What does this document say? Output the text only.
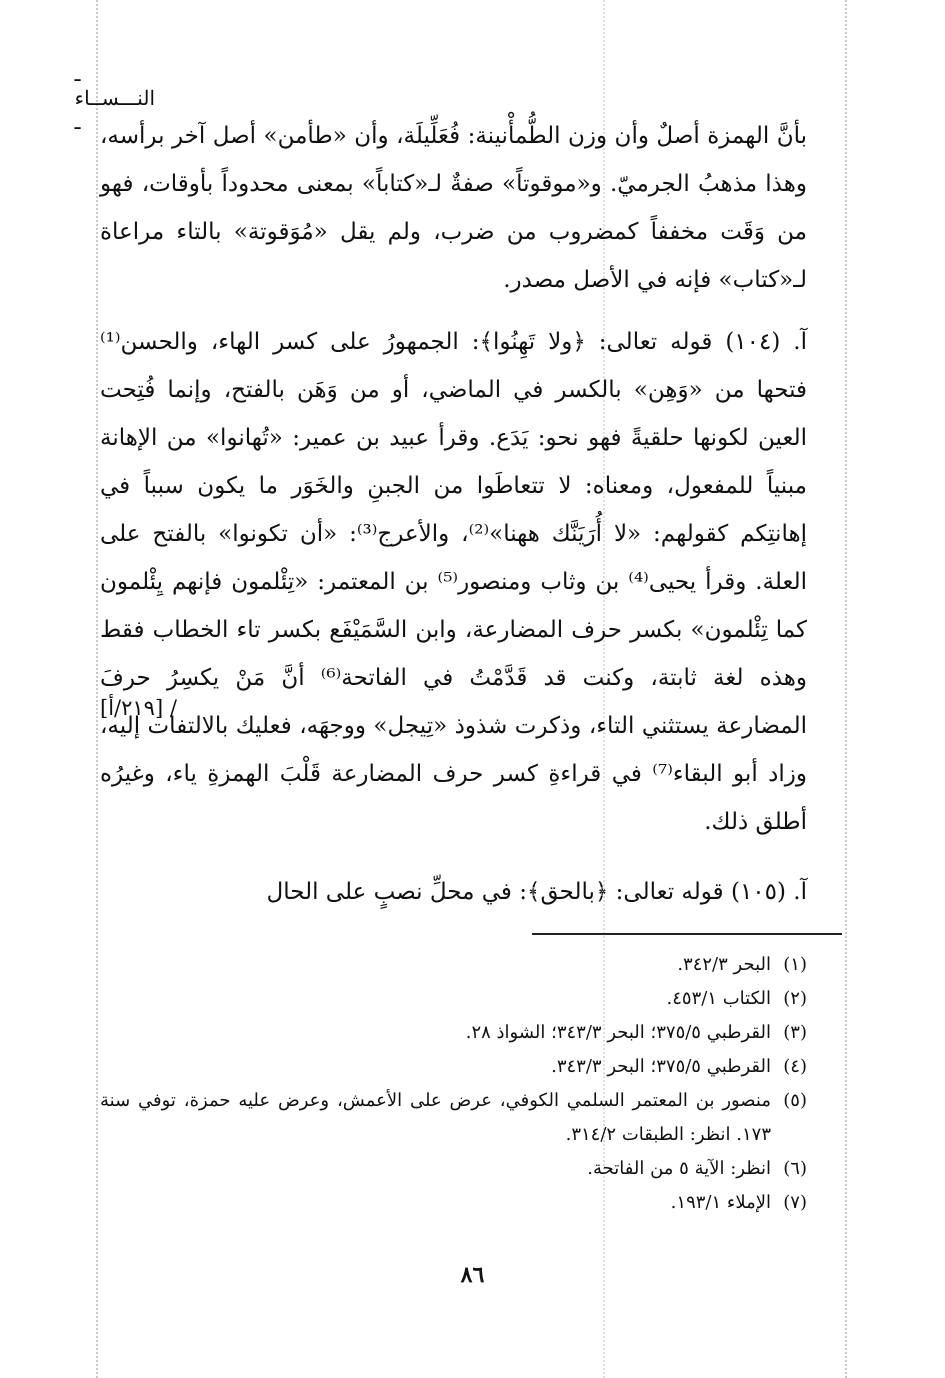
ـ النـــســاء ـ

بأنَّ الهمزة أصلٌ وأن وزن الطُّمأْنينة: فُعَلِّيلَة، وأن «طأمن» أصل آخر برأسه، وهذا مذهبُ الجرميّ. و«موقوتاً» صفةٌ لـ«كتاباً» بمعنى محدوداً بأوقات، فهو من وَقَت مخففاً كمضروب من ضرب، ولم يقل «مُوَقوتة» بالتاء مراعاة لـ«كتاب» فإنه في الأصل مصدر.

آ. (١٠٤) قوله تعالى: ﴿ولا تَهِنُوا﴾: الجمهورُ على كسر الهاء، والحسن⁽¹⁾ فتحها من «وَهِن» بالكسر في الماضي، أو من وَهَن بالفتح، وإنما فُتِحت العين لكونها حلقيةً فهو نحو: يَدَع. وقرأ عبيد بن عمير: «تُهانوا» من الإهانة مبنياً للمفعول، ومعناه: لا تتعاطَوا من الجبنِ والخَوَر ما يكون سبباً في إهانتِكم كقولهم: «لا أُرَيَنَّك ههنا»⁽²⁾، والأعرج⁽³⁾: «أن تكونوا» بالفتح على العلة. وقرأ يحيى⁽⁴⁾ بن وثاب ومنصور⁽⁵⁾ بن المعتمر: «تِئْلمون فإنهم يِئْلمون كما تِئْلمون» بكسر حرف المضارعة، وابن السَّمَيْفَع بكسر تاء الخطاب فقط وهذه لغة ثابتة، وكنت قد قَدَّمْتُ في الفاتحة⁽⁶⁾ أنَّ مَنْ يكسِرُ حرفَ المضارعة يستثني التاء، وذكرت شذوذ «تِيجل» ووجهَه، فعليك بالالتفات إليه، وزاد أبو البقاء⁽⁷⁾ في قراءةِ كسر حرف المضارعة قَلْبَ الهمزةِ ياء، وغيرُه أطلق ذلك.

آ. (١٠٥) قوله تعالى: ﴿بالحق﴾: في محلِّ نصبٍ على الحال

[٢١٩/أ] /
(١)
البحر ٣٤٢/٣.
(٢)
الكتاب ٤٥٣/١.
(٣)
القرطبي ٣٧٥/٥؛ البحر ٣٤٣/٣؛ الشواذ ٢٨.
(٤)
القرطبي ٣٧٥/٥؛ البحر ٣٤٣/٣.
(٥)
منصور بن المعتمر السلمي الكوفي، عرض على الأعمش، وعرض عليه حمزة، توفي سنة ١٧٣. انظر: الطبقات ٣١٤/٢.
(٦)
انظر: الآية ٥ من الفاتحة.
(٧)
الإملاء ١٩٣/١.
٨٦
